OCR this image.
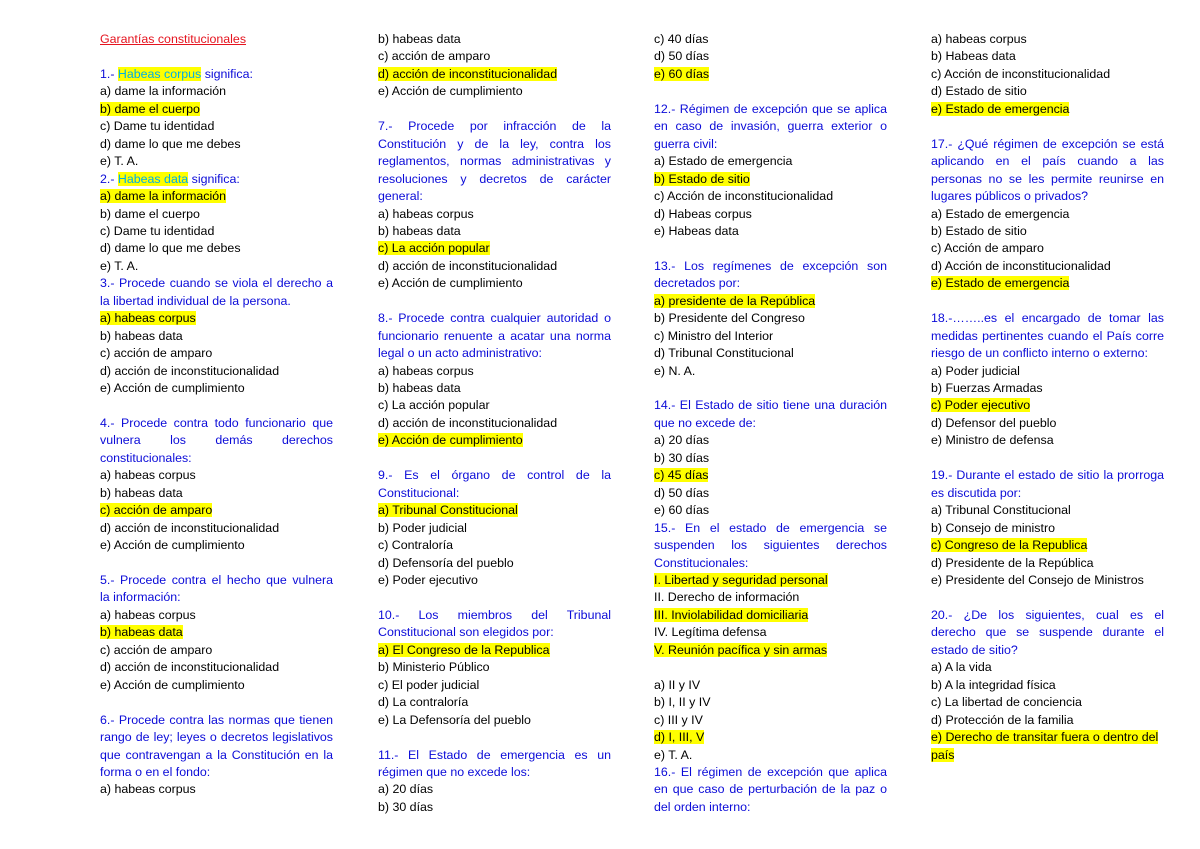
Garantías constitucionales
1.- Habeas corpus significa:
a) dame la información
b) dame el cuerpo
c) Dame tu identidad
d) dame lo que me debes
e) T. A.
2.- Habeas data significa:
a) dame la información
b) dame el cuerpo
c) Dame tu identidad
d) dame lo que me debes
e) T. A.
3.- Procede cuando se viola el derecho a la libertad individual de la persona.
a) habeas corpus
b) habeas data
c) acción de amparo
d) acción de inconstitucionalidad
e) Acción de cumplimiento
4.- Procede contra todo funcionario que vulnera los demás derechos constitucionales:
a) habeas corpus
b) habeas data
c) acción de amparo
d) acción de inconstitucionalidad
e) Acción de cumplimiento
5.- Procede contra el hecho que vulnera la información:
a) habeas corpus
b) habeas data
c) acción de amparo
d) acción de inconstitucionalidad
e) Acción de cumplimiento
6.- Procede contra las normas que tienen rango de ley; leyes o decretos legislativos que contravengan a la Constitución en la forma o en el fondo:
a) habeas corpus
b) habeas data
c) acción de amparo
d) acción de inconstitucionalidad
e) Acción de cumplimiento
7.- Procede por infracción de la Constitución y de la ley, contra los reglamentos, normas administrativas y resoluciones y decretos de carácter general:
a) habeas corpus
b) habeas data
c) La acción popular
d) acción de inconstitucionalidad
e) Acción de cumplimiento
8.- Procede contra cualquier autoridad o funcionario renuente a acatar una norma legal o un acto administrativo:
a) habeas corpus
b) habeas data
c) La acción popular
d) acción de inconstitucionalidad
e) Acción de cumplimiento
9.- Es el órgano de control de la Constitucional:
a) Tribunal Constitucional
b) Poder judicial
c) Contraloría
d) Defensoría del pueblo
e) Poder ejecutivo
10.- Los miembros del Tribunal Constitucional son elegidos por:
a) El Congreso de la Republica
b) Ministerio Público
c) El poder judicial
d) La contraloría
e) La Defensoría del pueblo
11.- El Estado de emergencia es un régimen que no excede los:
a) 20 días
b) 30 días
c) 40 días
d) 50 días
e) 60 días
12.- Régimen de excepción que se aplica en caso de invasión, guerra exterior o guerra civil:
a) Estado de emergencia
b) Estado de sitio
c) Acción de inconstitucionalidad
d) Habeas corpus
e) Habeas data
13.- Los regímenes de excepción son decretados por:
a) presidente de la República
b) Presidente del Congreso
c) Ministro del Interior
d) Tribunal Constitucional
e) N. A.
14.- El Estado de sitio tiene una duración que no excede de:
a) 20 días
b) 30 días
c) 45 días
d) 50 días
e) 60 días
15.- En el estado de emergencia se suspenden los siguientes derechos Constitucionales:
I. Libertad y seguridad personal
II. Derecho de información
III. Inviolabilidad domiciliaria
IV. Legítima defensa
V. Reunión pacífica y sin armas
a) II y IV
b) I, II y IV
c) III y IV
d) I, III, V
e) T. A.
16.- El régimen de excepción que aplica en que caso de perturbación de la paz o del orden interno:
a) habeas corpus
b) Habeas data
c) Acción de inconstitucionalidad
d) Estado de sitio
e) Estado de emergencia
17.- ¿Qué régimen de excepción se está aplicando en el país cuando a las personas no se les permite reunirse en lugares públicos o privados?
a) Estado de emergencia
b) Estado de sitio
c) Acción de amparo
d) Acción de inconstitucionalidad
e) Estado de emergencia
18.-……..es el encargado de tomar las medidas pertinentes cuando el País corre riesgo de un conflicto interno o externo:
a) Poder judicial
b) Fuerzas Armadas
c) Poder ejecutivo
d) Defensor del pueblo
e) Ministro de defensa
19.- Durante el estado de sitio la prorroga es discutida por:
a) Tribunal Constitucional
b) Consejo de ministro
c) Congreso de la Republica
d) Presidente de la República
e) Presidente del Consejo de Ministros
20.- ¿De los siguientes, cual es el derecho que se suspende durante el estado de sitio?
a) A la vida
b) A la integridad física
c) La libertad de conciencia
d) Protección de la familia
e) Derecho de transitar fuera o dentro del país
